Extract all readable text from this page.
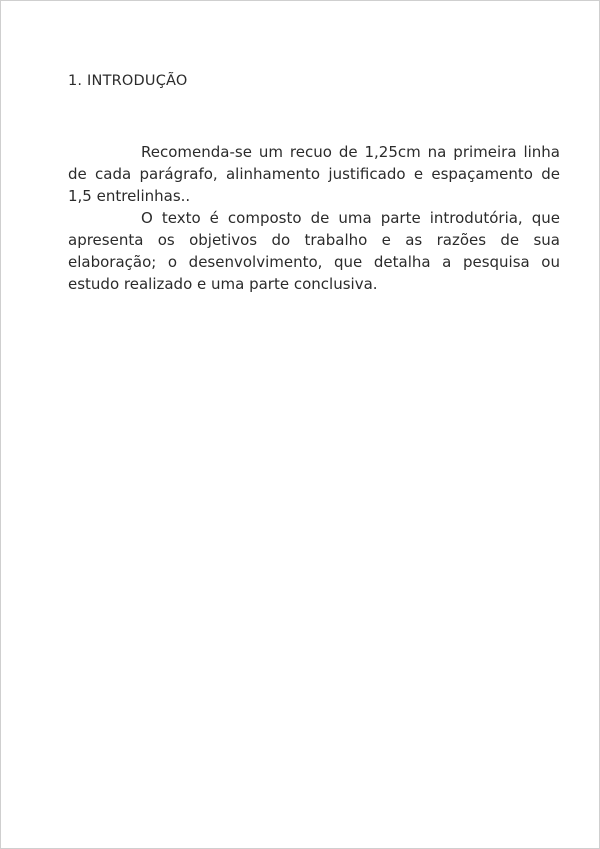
1. INTRODUÇÃO

Recomenda-se um recuo de 1,25cm na primeira linha de cada parágrafo, alinhamento justificado e espaçamento de 1,5 entrelinhas..

O texto é composto de uma parte introdutória, que apresenta os objetivos do trabalho e as razões de sua elaboração; o desenvolvimento, que detalha a pesquisa ou estudo realizado e uma parte conclusiva.
